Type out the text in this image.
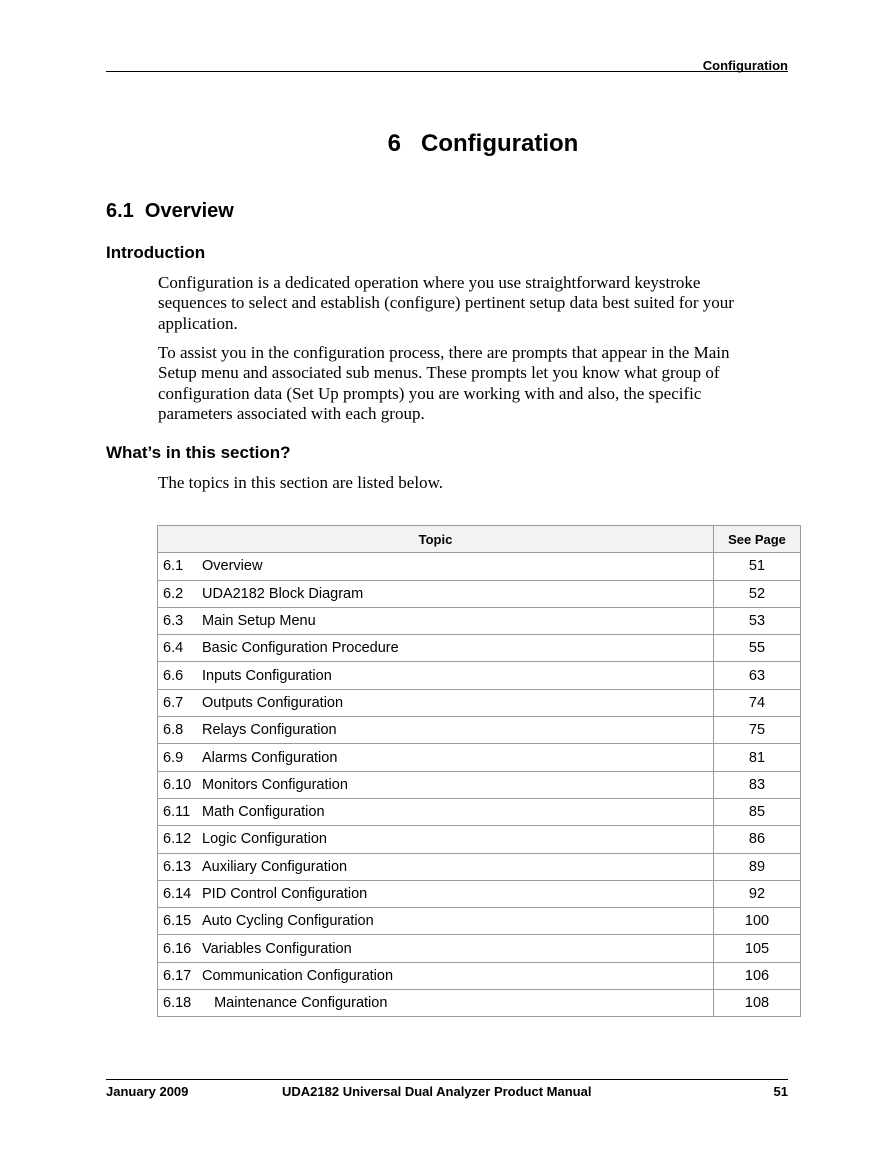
Configuration
6   Configuration
6.1  Overview
Introduction
Configuration is a dedicated operation where you use straightforward keystroke sequences to select and establish (configure) pertinent setup data best suited for your application.
To assist you in the configuration process, there are prompts that appear in the Main Setup menu and associated sub menus. These prompts let you know what group of configuration data (Set Up prompts) you are working with and also, the specific parameters associated with each group.
What’s in this section?
The topics in this section are listed below.
Topic	See Page
6.1 Overview	51
6.2 UDA2182 Block Diagram	52
6.3 Main Setup Menu	53
6.4 Basic Configuration Procedure	55
6.6 Inputs Configuration	63
6.7 Outputs Configuration	74
6.8 Relays Configuration	75
6.9 Alarms Configuration	81
6.10 Monitors Configuration	83
6.11 Math Configuration	85
6.12 Logic Configuration	86
6.13 Auxiliary Configuration	89
6.14 PID Control Configuration	92
6.15 Auto Cycling Configuration	100
6.16 Variables Configuration	105
6.17 Communication Configuration	106
6.18   Maintenance Configuration	108
January 2009	UDA2182 Universal Dual Analyzer Product Manual	51
